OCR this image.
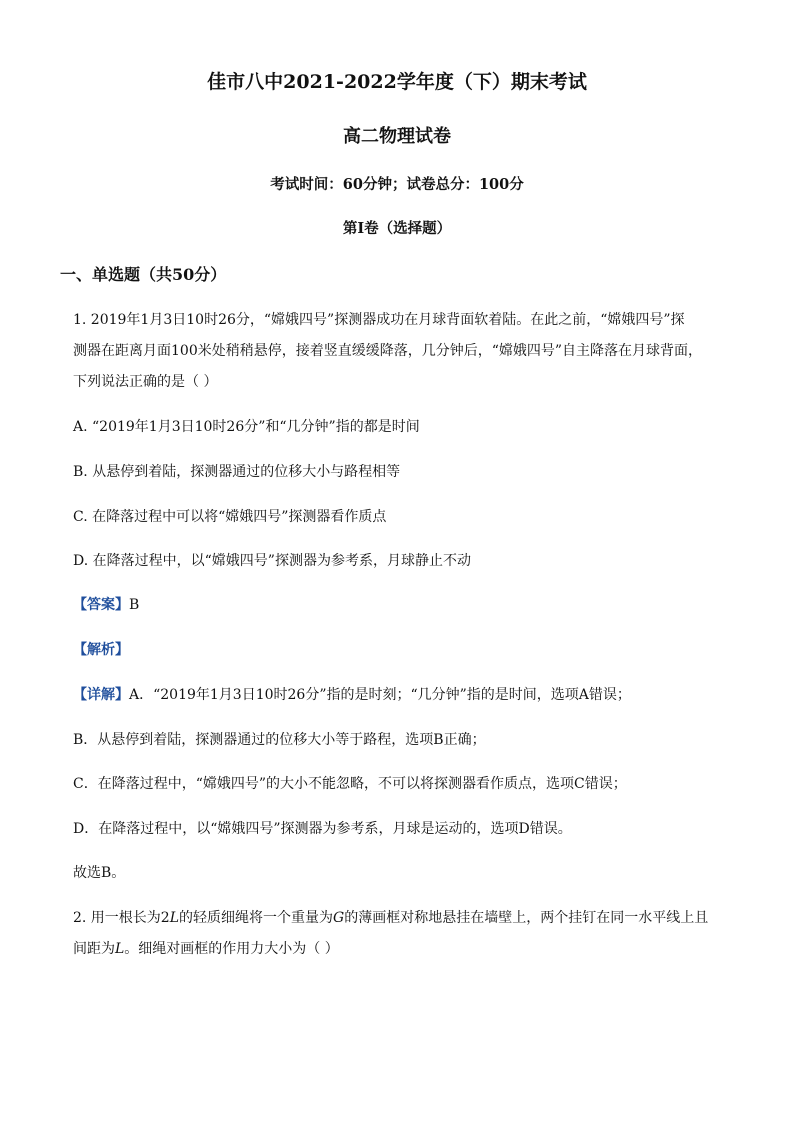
佳市八中2021-2022学年度（下）期末考试
高二物理试卷
考试时间：60分钟；试卷总分：100分
第Ⅰ卷（选择题）
一、单选题（共50分）
1. 2019年1月3日10时26分，“嫦娥四号”探测器成功在月球背面软着陆。在此之前，“嫦娥四号”探
测器在距离月面100米处稍稍悬停，接着竖直缓缓降落，几分钟后，“嫦娥四号”自主降落在月球背面，
下列说法正确的是（ ）
A. “2019年1月3日10时26分”和“几分钟”指的都是时间
B. 从悬停到着陆，探测器通过的位移大小与路程相等
C. 在降落过程中可以将“嫦娥四号”探测器看作质点
D. 在降落过程中，以“嫦娥四号”探测器为参考系，月球静止不动
【答案】B
【解析】
【详解】A．“2019年1月3日10时26分”指的是时刻；“几分钟”指的是时间，选项A错误；
B．从悬停到着陆，探测器通过的位移大小等于路程，选项B正确；
C．在降落过程中，“嫦娥四号”的大小不能忽略，不可以将探测器看作质点，选项C错误；
D．在降落过程中，以“嫦娥四号”探测器为参考系，月球是运动的，选项D错误。
故选B。
2. 用一根长为2L的轻质细绳将一个重量为G的薄画框对称地悬挂在墙壁上，两个挂钉在同一水平线上且
间距为L。细绳对画框的作用力大小为（ ）
